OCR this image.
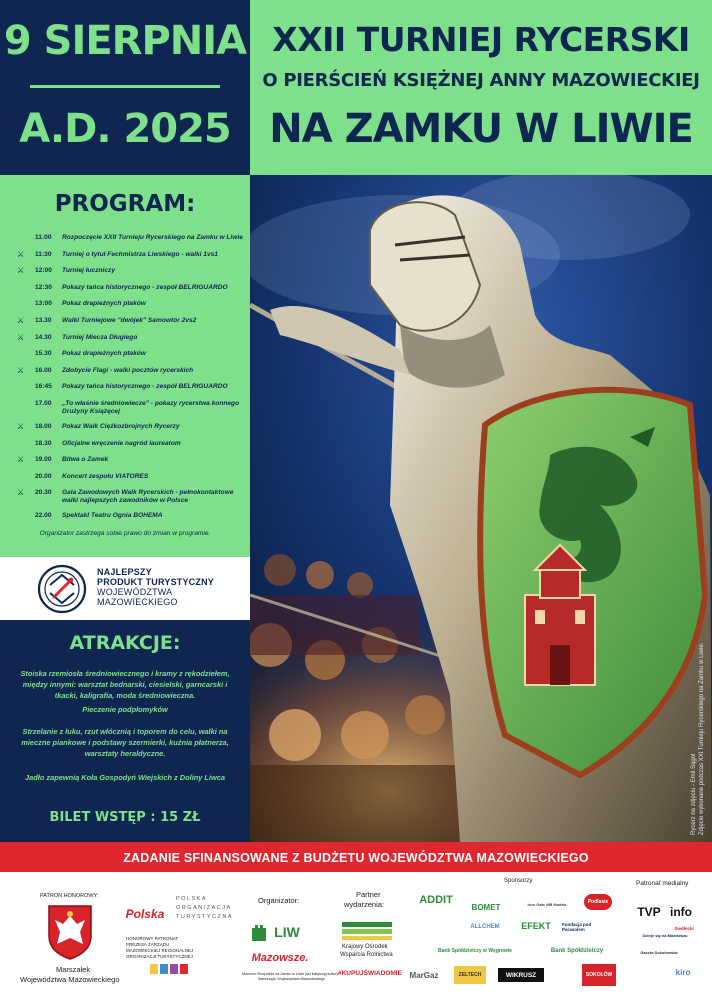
9 SIERPNIA
A.D. 2025
XXII TURNIEJ RYCERSKI
O PIERŚCIEŃ KSIĘŻNEJ ANNY MAZOWIECKIEJ
NA ZAMKU W LIWIE
PROGRAM:
11:00	Rozpoczęcie XXII Turnieju Rycerskiego na Zamku w Liwie
⚔ 11:30	Turniej o tytuł Fechmistrza Liwskiego - walki 1vs1
⚔ 12:00	Turniej łuczniczy
12:30	Pokazy tańca historycznego - zespół BELRIGUARDO
13:00	Pokaz drapieżnych ptaków
⚔ 13.30	Walki Turniejowe "dwójek" Samowtór 2vs2
⚔ 14.30	Turniej Miecza Długiego
15.30	Pokaz drapieżnych ptaków
⚔ 16.00	Zdobycie Flagi - walki pocztów rycerskich
16:45	Pokazy tańca historycznego - zespół BELRIGUARDO
17.00	„To właśnie średniowiecze” - pokazy rycerstwa konnego Drużyny Książęcej
⚔ 18.00	Pokaz Walk Ciężkozbrojnych Rycerzy
18.30	Oficjalne wręczenie nagród laureatom
⚔ 19.00	Bitwa o Zamek
20.00	Koncert zespołu VIATORES
⚔ 20.30	Gala Zawodowych Walk Rycerskich - pełnokontaktowe walki najlepszych zawodników w Polsce
22.00	Spektakl Teatru Ognia BOHEMA
Organizator zastrzega sobie prawo do zmian w programie.
NAJLEPSZY
PRODUKT TURYSTYCZNY
WOJEWÓDZTWA
MAZOWIECKIEGO
ATRAKCJE:
Stoiska rzemiosła średniowiecznego i kramy z rękodziełem, między innymi: warsztat bednarski, ciesielski, garncarski i tkacki, kaligrafia, moda średniowieczna.
Pieczenie podpłomyków
Strzelanie z łuku, rzut włócznią i toporem do celu, walki na mieczne piankowe i podstawy szermierki, kuźnia płatnerza, warsztaty heraldyczne.
Jadło zapewnią Koła Gospodyń Wiejskich z Doliny Liwca
BILET WSTĘP : 15 ZŁ	Rycerz na zdjęciu - Emil Sągol Zdjęcie wykonane podczas XXI Turnieju Rycerskiego na Zamku w Liwie.
ZADANIE SFINANSOWANE Z BUDŻETU WOJEWÓDZTWA MAZOWIECKIEGO
PATRON HONOROWY:
Marszałek
Województwa Mazowieckiego
Polska
POLSKA
ORGANIZACJA
TURYSTYCZNA
HONOROWY PATRONAT
PREZESA ZARZĄDU
MAZOWIECKIEJ REGIONALNEJ
ORGANIZACJI TURYSTYCZNEJ
Organizator:
LIW
Mazowsze.
Muzeum Zbrojownia na Zamku w Liwie jest instytucją kultury
Samorządu Województwa Mazowieckiego
Partner
wydarzenia:
Krajowy Ośrodek
Wsparcia Rolnictwa
#KUPUJŚWIADOMIE
Sponsorzy
ADDIT
BOMET	Iron Gate MB Nadzia	Podlasie
ALLCHEM	EFEKT	Fundacja pod Parasolem
Bank Spółdzielczy w Węgrowie	Bank Spółdzielczy
MarGaz	ZELTECH	WIKRUSZ	SOKOŁÓW
Patronat medialny
TVP info
Dzieje się na Mazowszu
Siedlecki
Gazeta Sokołowska
kiro
